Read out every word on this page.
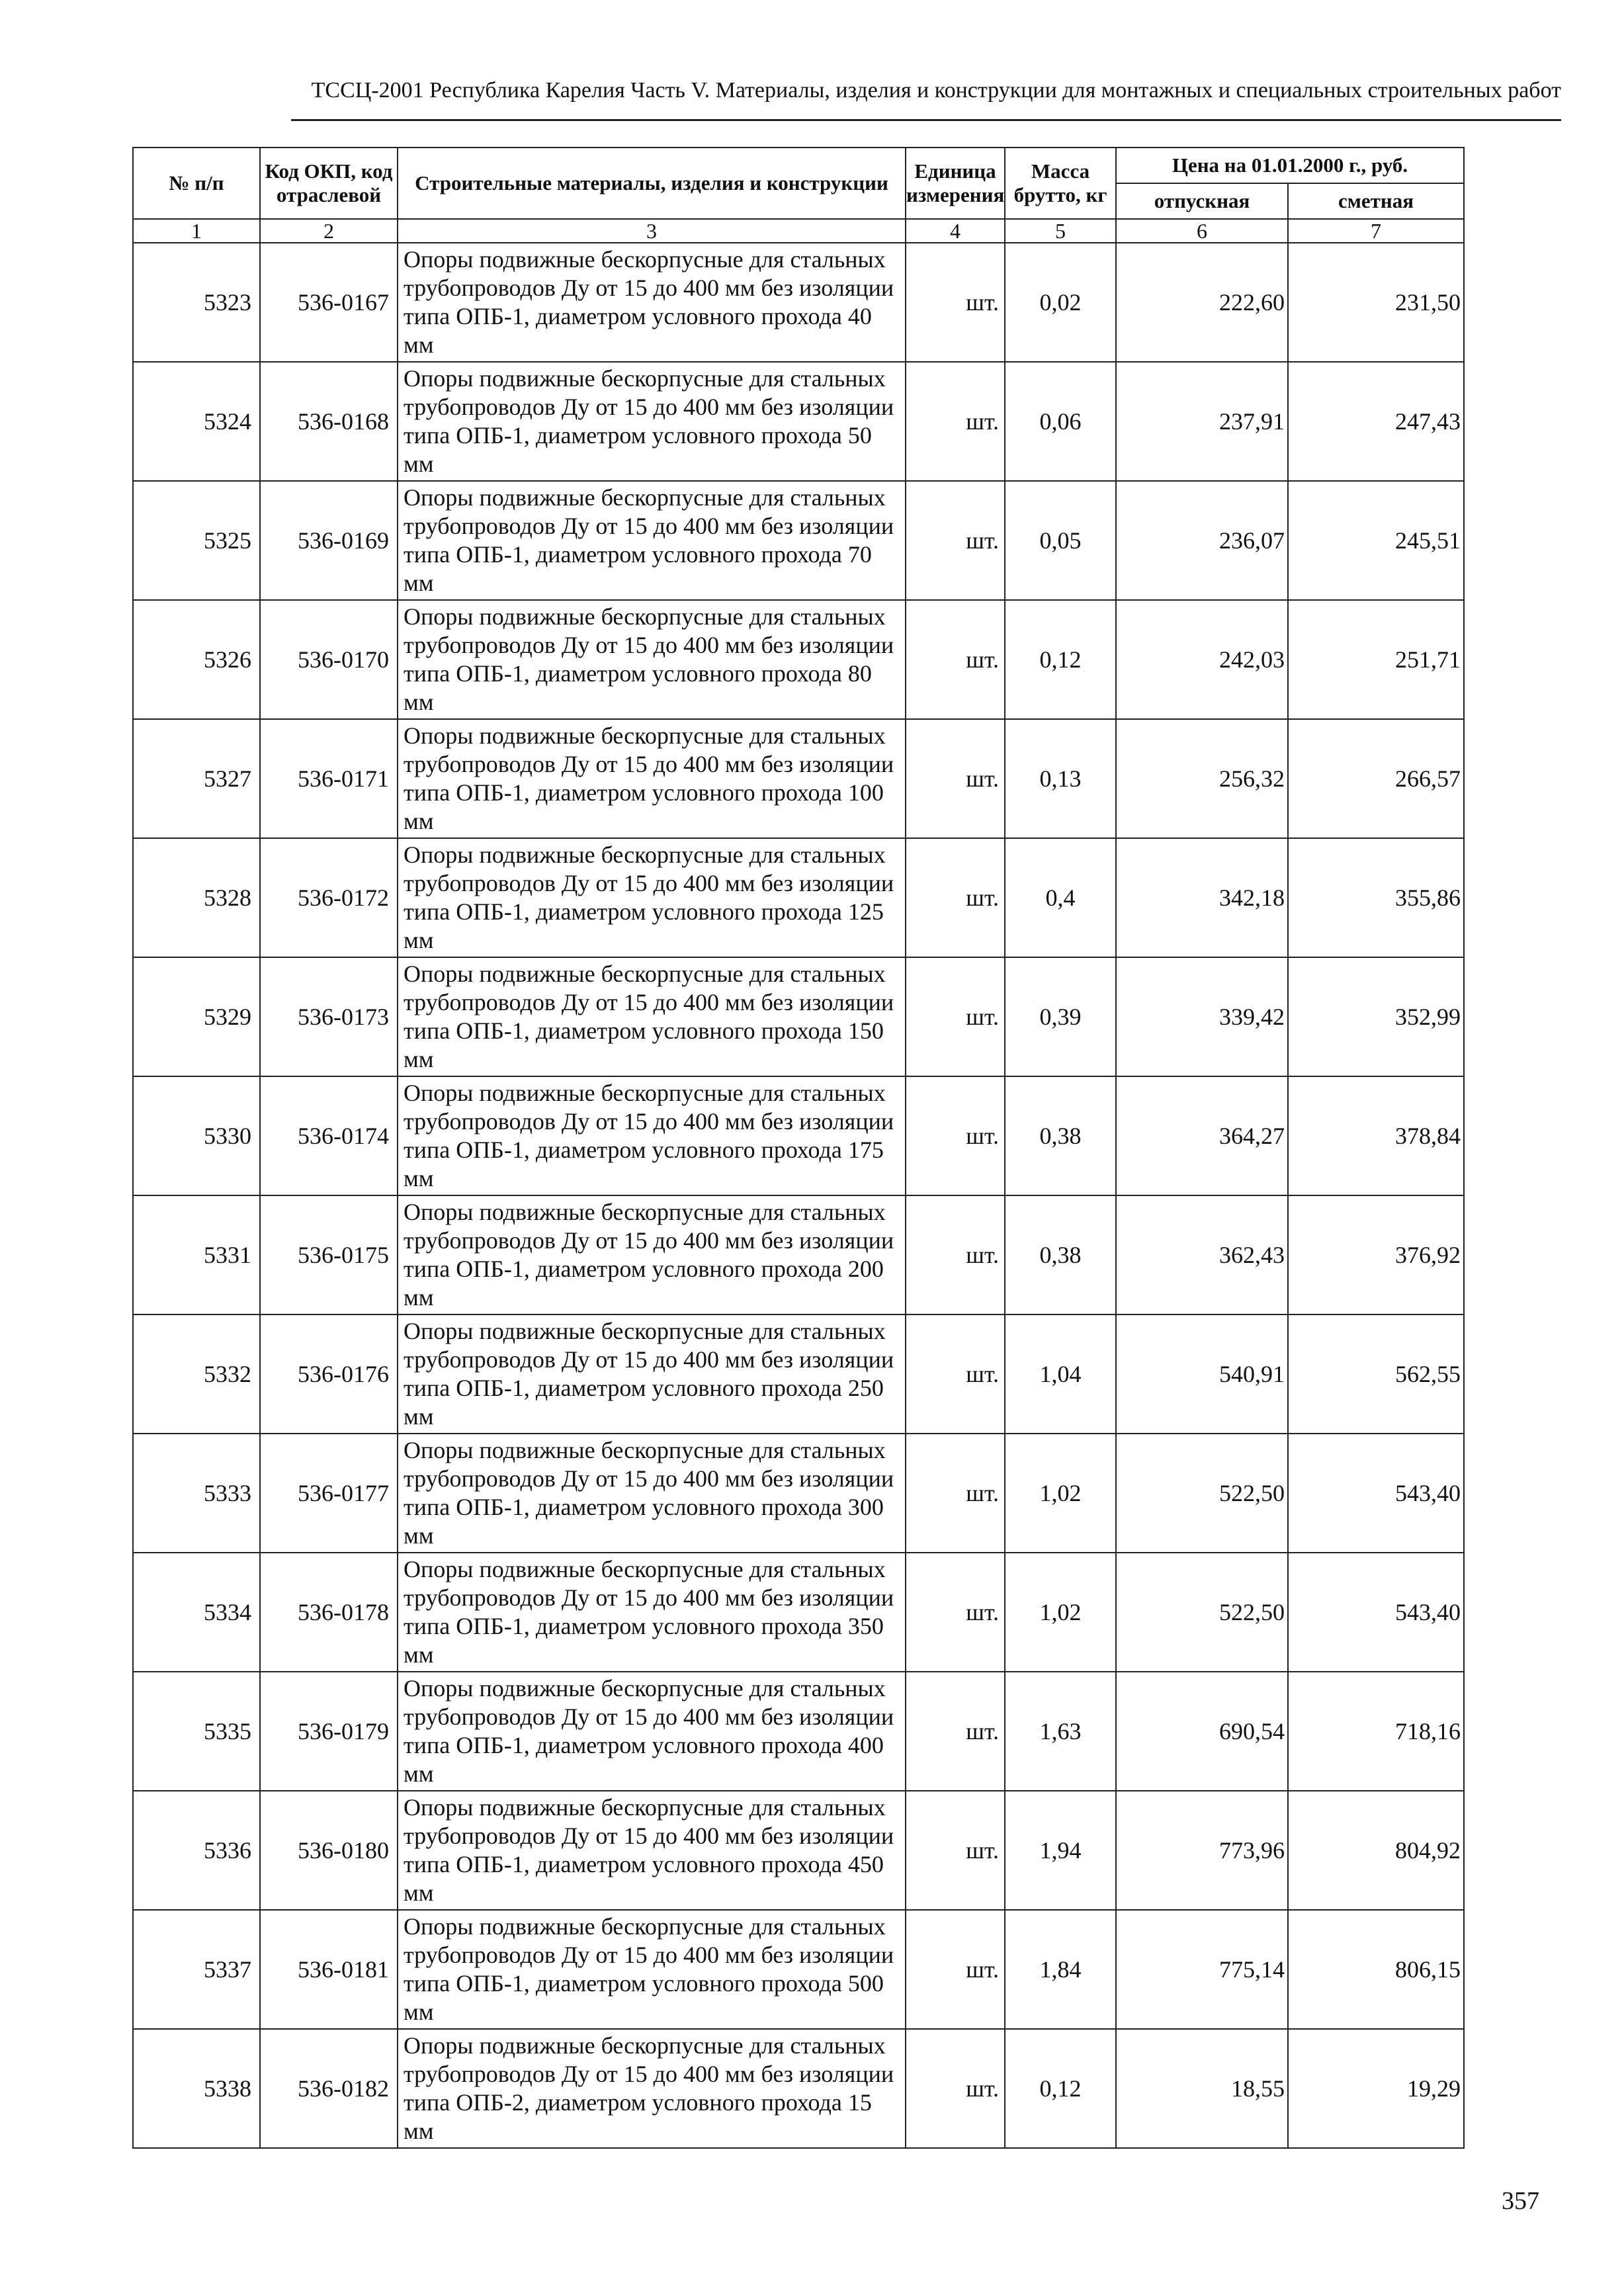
ТССЦ-2001 Республика Карелия Часть V. Материалы, изделия и конструкции для монтажных и специальных строительных работ
№ п/п	Код ОКП, код отраслевой	Строительные материалы, изделия и конструкции	Единица измерения	Масса брутто, кг	Цена на 01.01.2000 г., руб.	
					отпускная	сметная
1	2	3	4	5	6	7
5323	536-0167	Опоры подвижные бескорпусные для стальных трубопроводов Ду от 15 до 400 мм без изоляции типа ОПБ-1, диаметром условного прохода 40 мм	шт.	0,02	222,60	231,50
5324	536-0168	Опоры подвижные бескорпусные для стальных трубопроводов Ду от 15 до 400 мм без изоляции типа ОПБ-1, диаметром условного прохода 50 мм	шт.	0,06	237,91	247,43
5325	536-0169	Опоры подвижные бескорпусные для стальных трубопроводов Ду от 15 до 400 мм без изоляции типа ОПБ-1, диаметром условного прохода 70 мм	шт.	0,05	236,07	245,51
5326	536-0170	Опоры подвижные бескорпусные для стальных трубопроводов Ду от 15 до 400 мм без изоляции типа ОПБ-1, диаметром условного прохода 80 мм	шт.	0,12	242,03	251,71
5327	536-0171	Опоры подвижные бескорпусные для стальных трубопроводов Ду от 15 до 400 мм без изоляции типа ОПБ-1, диаметром условного прохода 100 мм	шт.	0,13	256,32	266,57
5328	536-0172	Опоры подвижные бескорпусные для стальных трубопроводов Ду от 15 до 400 мм без изоляции типа ОПБ-1, диаметром условного прохода 125 мм	шт.	0,4	342,18	355,86
5329	536-0173	Опоры подвижные бескорпусные для стальных трубопроводов Ду от 15 до 400 мм без изоляции типа ОПБ-1, диаметром условного прохода 150 мм	шт.	0,39	339,42	352,99
5330	536-0174	Опоры подвижные бескорпусные для стальных трубопроводов Ду от 15 до 400 мм без изоляции типа ОПБ-1, диаметром условного прохода 175 мм	шт.	0,38	364,27	378,84
5331	536-0175	Опоры подвижные бескорпусные для стальных трубопроводов Ду от 15 до 400 мм без изоляции типа ОПБ-1, диаметром условного прохода 200 мм	шт.	0,38	362,43	376,92
5332	536-0176	Опоры подвижные бескорпусные для стальных трубопроводов Ду от 15 до 400 мм без изоляции типа ОПБ-1, диаметром условного прохода 250 мм	шт.	1,04	540,91	562,55
5333	536-0177	Опоры подвижные бескорпусные для стальных трубопроводов Ду от 15 до 400 мм без изоляции типа ОПБ-1, диаметром условного прохода 300 мм	шт.	1,02	522,50	543,40
5334	536-0178	Опоры подвижные бескорпусные для стальных трубопроводов Ду от 15 до 400 мм без изоляции типа ОПБ-1, диаметром условного прохода 350 мм	шт.	1,02	522,50	543,40
5335	536-0179	Опоры подвижные бескорпусные для стальных трубопроводов Ду от 15 до 400 мм без изоляции типа ОПБ-1, диаметром условного прохода 400 мм	шт.	1,63	690,54	718,16
5336	536-0180	Опоры подвижные бескорпусные для стальных трубопроводов Ду от 15 до 400 мм без изоляции типа ОПБ-1, диаметром условного прохода 450 мм	шт.	1,94	773,96	804,92
5337	536-0181	Опоры подвижные бескорпусные для стальных трубопроводов Ду от 15 до 400 мм без изоляции типа ОПБ-1, диаметром условного прохода 500 мм	шт.	1,84	775,14	806,15
5338	536-0182	Опоры подвижные бескорпусные для стальных трубопроводов Ду от 15 до 400 мм без изоляции типа ОПБ-2, диаметром условного прохода 15 мм	шт.	0,12	18,55	19,29
357
